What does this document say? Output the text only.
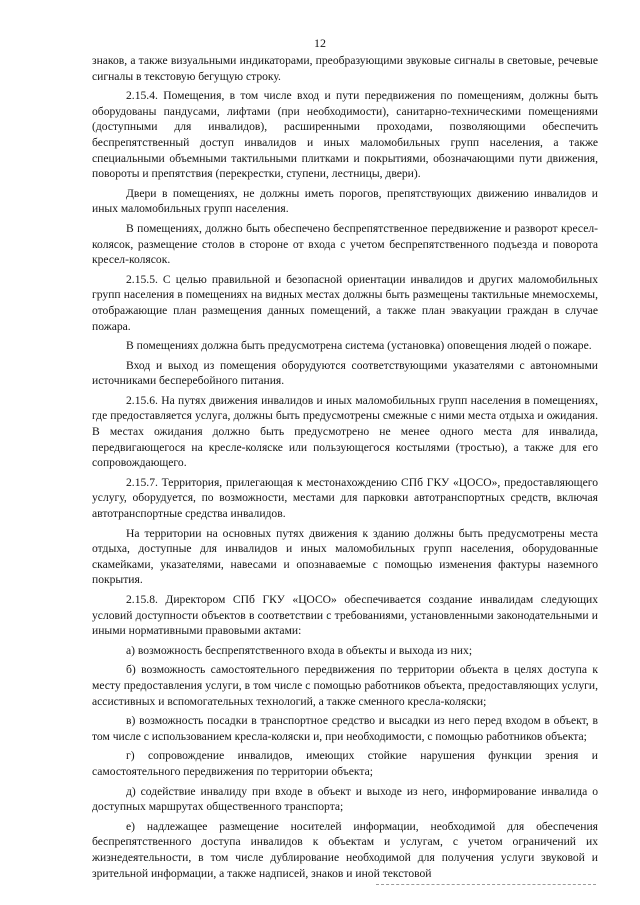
12

знаков, а также визуальными индикаторами, преобразующими звуковые сигналы в световые, речевые сигналы в текстовую бегущую строку.

2.15.4. Помещения, в том числе вход и пути передвижения по помещениям, должны быть оборудованы пандусами, лифтами (при необходимости), санитарно-техническими помещениями (доступными для инвалидов), расширенными проходами, позволяющими обеспечить беспрепятственный доступ инвалидов и иных маломобильных групп населения, а также специальными объемными тактильными плитками и покрытиями, обозначающими пути движения, повороты и препятствия (перекрестки, ступени, лестницы, двери).

Двери в помещениях, не должны иметь порогов, препятствующих движению инвалидов и иных маломобильных групп населения.

В помещениях, должно быть обеспечено беспрепятственное передвижение и разворот кресел-колясок, размещение столов в стороне от входа с учетом беспрепятственного подъезда и поворота кресел-колясок.

2.15.5. С целью правильной и безопасной ориентации инвалидов и других маломобильных групп населения в помещениях на видных местах должны быть размещены тактильные мнемосхемы, отображающие план размещения данных помещений, а также план эвакуации граждан в случае пожара.

В помещениях должна быть предусмотрена система (установка) оповещения людей о пожаре.

Вход и выход из помещения оборудуются соответствующими указателями с автономными источниками бесперебойного питания.

2.15.6. На путях движения инвалидов и иных маломобильных групп населения в помещениях, где предоставляется услуга, должны быть предусмотрены смежные с ними места отдыха и ожидания. В местах ожидания должно быть предусмотрено не менее одного места для инвалида, передвигающегося на кресле-коляске или пользующегося костылями (тростью), а также для его сопровождающего.

2.15.7. Территория, прилегающая к местонахождению СПб ГКУ «ЦОСО», предоставляющего услугу, оборудуется, по возможности, местами для парковки автотранспортных средств, включая автотранспортные средства инвалидов.

На территории на основных путях движения к зданию должны быть предусмотрены места отдыха, доступные для инвалидов и иных маломобильных групп населения, оборудованные скамейками, указателями, навесами и опознаваемые с помощью изменения фактуры наземного покрытия.

2.15.8. Директором СПб ГКУ «ЦОСО» обеспечивается создание инвалидам следующих условий доступности объектов в соответствии с требованиями, установленными законодательными и иными нормативными правовыми актами:

а) возможность беспрепятственного входа в объекты и выхода из них;

б) возможность самостоятельного передвижения по территории объекта в целях доступа к месту предоставления услуги, в том числе с помощью работников объекта, предоставляющих услуги, ассистивных и вспомогательных технологий, а также сменного кресла-коляски;

в) возможность посадки в транспортное средство и высадки из него перед входом в объект, в том числе с использованием кресла-коляски и, при необходимости, с помощью работников объекта;

г) сопровождение инвалидов, имеющих стойкие нарушения функции зрения и самостоятельного передвижения по территории объекта;

д) содействие инвалиду при входе в объект и выходе из него, информирование инвалида о доступных маршрутах общественного транспорта;

е) надлежащее размещение носителей информации, необходимой для обеспечения беспрепятственного доступа инвалидов к объектам и услугам, с учетом ограничений их жизнедеятельности, в том числе дублирование необходимой для получения услуги звуковой и зрительной информации, а также надписей, знаков и иной текстовой
